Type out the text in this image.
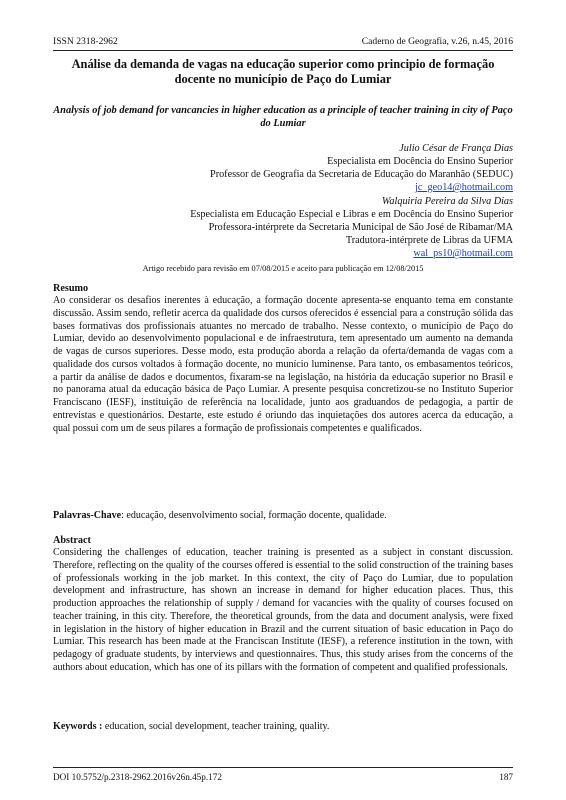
ISSN 2318-2962	Caderno de Geografia, v.26, n.45, 2016
Análise da demanda de vagas na educação superior como principio de formação docente no município de Paço do Lumiar
Analysis of job demand for vancancies in higher education as a principle of teacher training in city of Paço do Lumiar
Julio César de França Dias
Especialista em Docência do Ensino Superior
Professor de Geografia da Secretaria de Educação do Maranhão (SEDUC)
jc_geo14@hotmail.com
Walquiria Pereira da Silva Dias
Especialista em Educação Especial e Libras e em Docência do Ensino Superior
Professora-intérprete da Secretaria Municipal de São José de Ribamar/MA
Tradutora-intérprete de Libras da UFMA
wal_ps10@hotmail.com
Artigo recebido para revisão em 07/08/2015 e aceito para publicação em 12/08/2015
Resumo

Ao considerar os desafios inerentes à educação, a formação docente apresenta-se enquanto tema em constante discussão. Assim sendo, refletir acerca da qualidade dos cursos oferecidos é essencial para a construção sólida das bases formativas dos profissionais atuantes no mercado de trabalho. Nesse contexto, o município de Paço do Lumiar, devido ao desenvolvimento populacional e de infraestrutura, tem apresentado um aumento na demanda de vagas de cursos superiores. Desse modo, esta produção aborda a relação da oferta/demanda de vagas com a qualidade dos cursos voltados à formação docente, no munício luminense. Para tanto, os embasamentos teóricos, a partir da análise de dados e documentos, fixaram-se na legislação, na história da educação superior no Brasil e no panorama atual da educação básica de Paço Lumiar. A presente pesquisa concretizou-se no Instituto Superior Franciscano (IESF), instituição de referência na localidade, junto aos graduandos de pedagogia, a partir de entrevistas e questionários. Destarte, este estudo é oriundo das inquietações dos autores acerca da educação, a qual possui com um de seus pilares a formação de profissionais competentes e qualificados.

Palavras-Chave: educação, desenvolvimento social, formação docente, qualidade.
Abstract

Considering the challenges of education, teacher training is presented as a subject in constant discussion. Therefore, reflecting on the quality of the courses offered is essential to the solid construction of the training bases of professionals working in the job market. In this context, the city of Paço do Lumiar, due to population development and infrastructure, has shown an increase in demand for higher education places. Thus, this production approaches the relationship of supply / demand for vacancies with the quality of courses focused on teacher training, in this city. Therefore, the theoretical grounds, from the data and document analysis, were fixed in legislation in the history of higher education in Brazil and the current situation of basic education in Paço do Lumiar. This research has been made at the Franciscan Institute (IESF), a reference institution in the town, with pedagogy of graduate students, by interviews and questionnaires. Thus, this study arises from the concerns of the authors about education, which has one of its pillars with the formation of competent and qualified professionals.

Keywords : education, social development, teacher training, quality.
DOI 10.5752/p.2318-2962.2016v26n.45p.172	187
